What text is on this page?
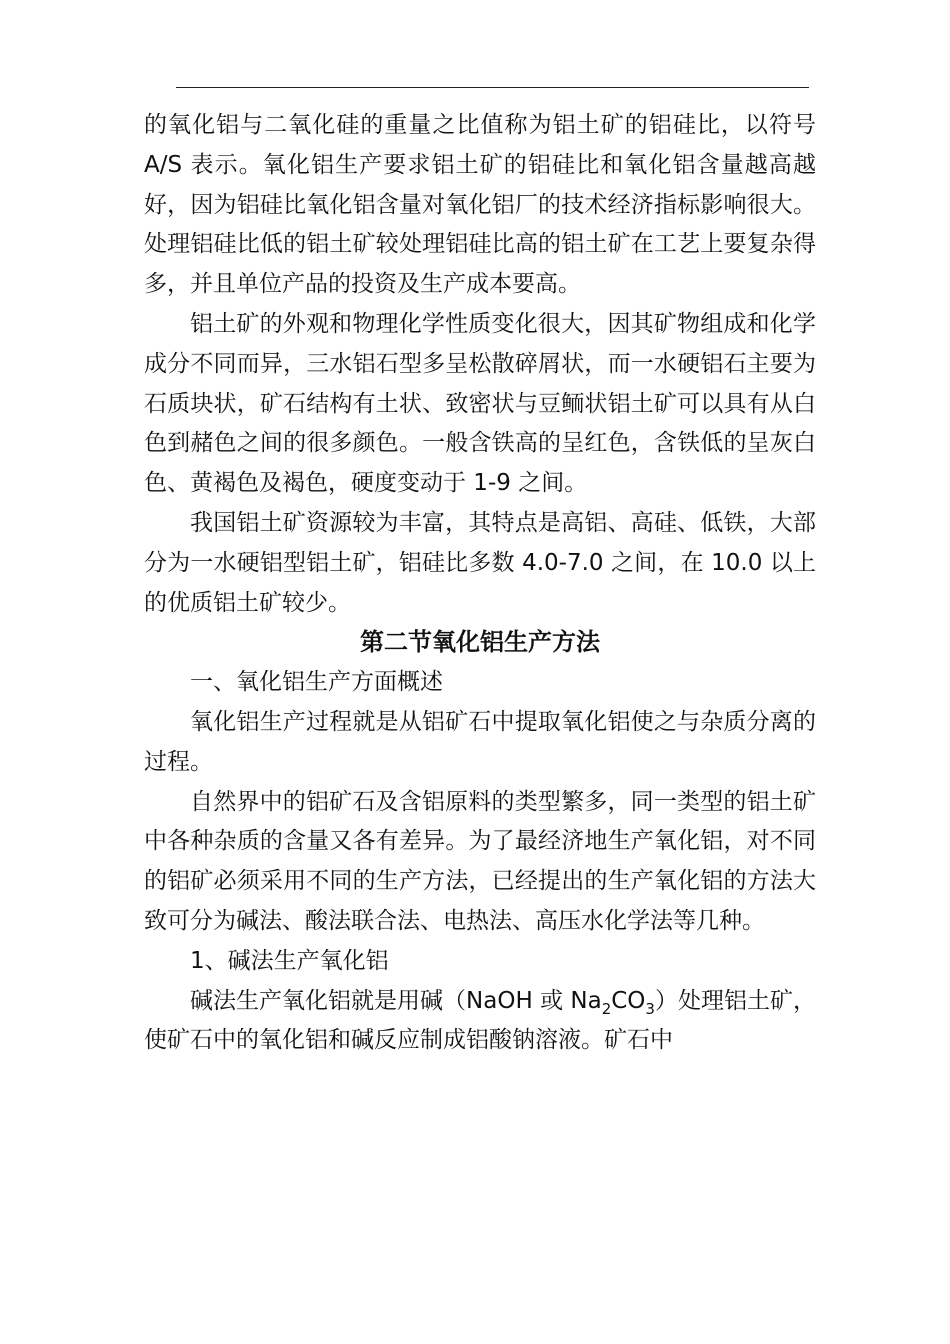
的氧化铝与二氧化硅的重量之比值称为铝土矿的铝硅比，以符号 A/S 表示。氧化铝生产要求铝土矿的铝硅比和氧化铝含量越高越好，因为铝硅比氧化铝含量对氧化铝厂的技术经济指标影响很大。处理铝硅比低的铝土矿较处理铝硅比高的铝土矿在工艺上要复杂得多，并且单位产品的投资及生产成本要高。

铝土矿的外观和物理化学性质变化很大，因其矿物组成和化学成分不同而异，三水铝石型多呈松散碎屑状，而一水硬铝石主要为石质块状，矿石结构有土状、致密状与豆鲕状铝土矿可以具有从白色到赭色之间的很多颜色。一般含铁高的呈红色，含铁低的呈灰白色、黄褐色及褐色，硬度变动于 1-9 之间。

我国铝土矿资源较为丰富，其特点是高铝、高硅、低铁，大部分为一水硬铝型铝土矿，铝硅比多数 4.0-7.0 之间，在 10.0 以上的优质铝土矿较少。

第二节氧化铝生产方法

一、氧化铝生产方面概述

氧化铝生产过程就是从铝矿石中提取氧化铝使之与杂质分离的过程。

自然界中的铝矿石及含铝原料的类型繁多，同一类型的铝土矿中各种杂质的含量又各有差异。为了最经济地生产氧化铝，对不同的铝矿必须采用不同的生产方法，已经提出的生产氧化铝的方法大致可分为碱法、酸法联合法、电热法、高压水化学法等几种。

1、碱法生产氧化铝

碱法生产氧化铝就是用碱（NaOH 或 $Na_2CO_3$）处理铝土矿，使矿石中的氧化铝和碱反应制成铝酸钠溶液。矿石中
